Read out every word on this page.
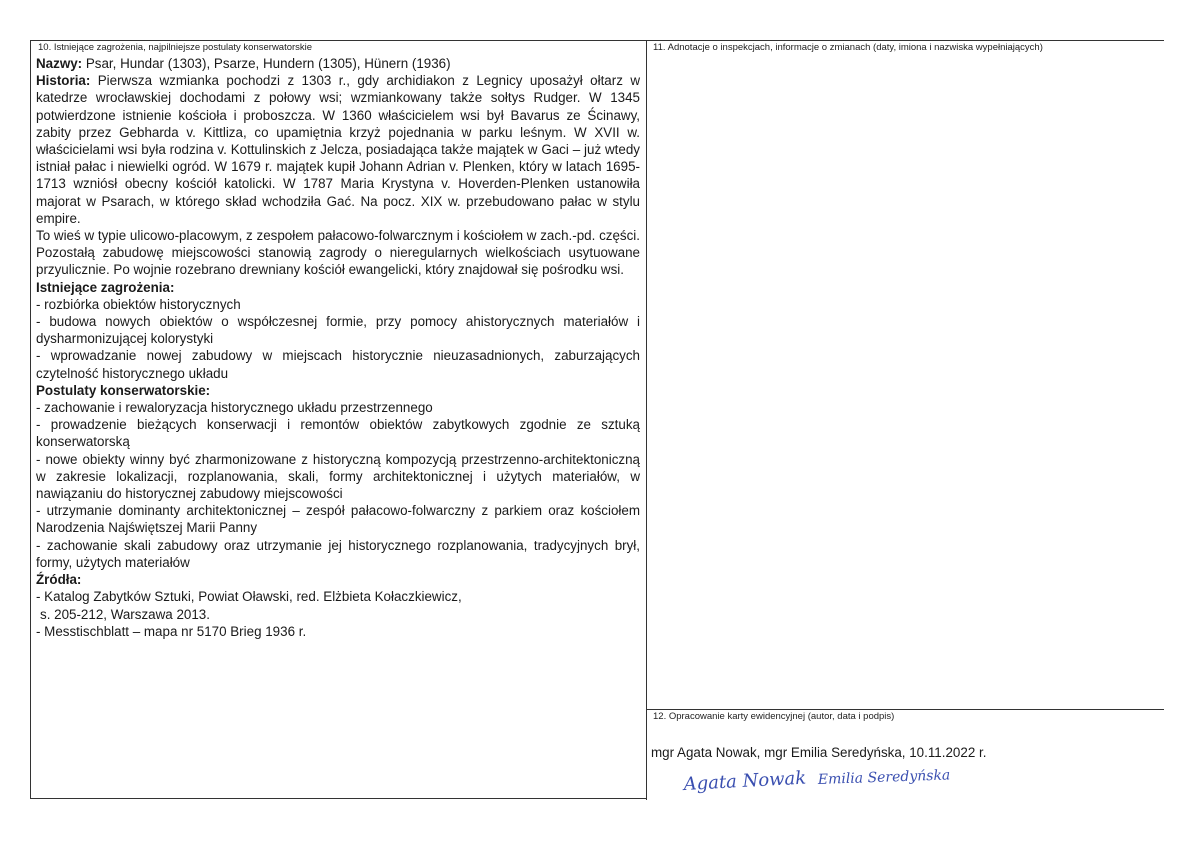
10. Istniejące zagrożenia, najpilniejsze postulaty konserwatorskie	11. Adnotacje o inspekcjach, informacje o zmianach (daty, imiona i nazwiska wypełniających)
12. Opracowanie karty ewidencyjnej (autor, data i podpis)

Nazwy: Psar, Hundar (1303), Psarze, Hundern (1305), Hünern (1936)

Historia: Pierwsza wzmianka pochodzi z 1303 r., gdy archidiakon z Legnicy uposażył ołtarz w katedrze wrocławskiej dochodami z połowy wsi; wzmiankowany także sołtys Rudger. W 1345 potwierdzone istnienie kościoła i proboszcza. W 1360 właścicielem wsi był Bavarus ze Ścinawy, zabity przez Gebharda v. Kittliza, co upamiętnia krzyż pojednania w parku leśnym. W XVII w. właścicielami wsi była rodzina v. Kottulinskich z Jelcza, posiadająca także majątek w Gaci – już wtedy istniał pałac i niewielki ogród. W 1679 r. majątek kupił Johann Adrian v. Plenken, który w latach 1695-1713 wzniósł obecny kościół katolicki. W 1787 Maria Krystyna v. Hoverden-Plenken ustanowiła majorat w Psarach, w którego skład wchodziła Gać. Na pocz. XIX w. przebudowano pałac w stylu empire.

To wieś w typie ulicowo-placowym, z zespołem pałacowo-folwarcznym i kościołem w zach.-pd. części. Pozostałą zabudowę miejscowości stanowią zagrody o nieregularnych wielkościach usytuowane przyulicznie. Po wojnie rozebrano drewniany kościół ewangelicki, który znajdował się pośrodku wsi.

Istniejące zagrożenia:

- rozbiórka obiektów historycznych

- budowa nowych obiektów o współczesnej formie, przy pomocy ahistorycznych materiałów i dysharmonizującej kolorystyki

- wprowadzanie nowej zabudowy w miejscach historycznie nieuzasadnionych, zaburzających czytelność historycznego układu

Postulaty konserwatorskie:

- zachowanie i rewaloryzacja historycznego układu przestrzennego

- prowadzenie bieżących konserwacji i remontów obiektów zabytkowych zgodnie ze sztuką konserwatorską

- nowe obiekty winny być zharmonizowane z historyczną kompozycją przestrzenno-architektoniczną w zakresie lokalizacji, rozplanowania, skali, formy architektonicznej i użytych materiałów, w nawiązaniu do historycznej zabudowy miejscowości

- utrzymanie dominanty architektonicznej – zespół pałacowo-folwarczny z parkiem oraz kościołem Narodzenia Najświętszej Marii Panny

- zachowanie skali zabudowy oraz utrzymanie jej historycznego rozplanowania, tradycyjnych brył, formy, użytych materiałów

Źródła:

- Katalog Zabytków Sztuki, Powiat Oławski, red. Elżbieta Kołaczkiewicz,

s. 205-212, Warszawa 2013.

- Messtischblatt – mapa nr 5170 Brieg 1936 r.

mgr Agata Nowak, mgr Emilia Seredyńska, 10.11.2022 r.
Agata Nowak Emilia Seredyńska
